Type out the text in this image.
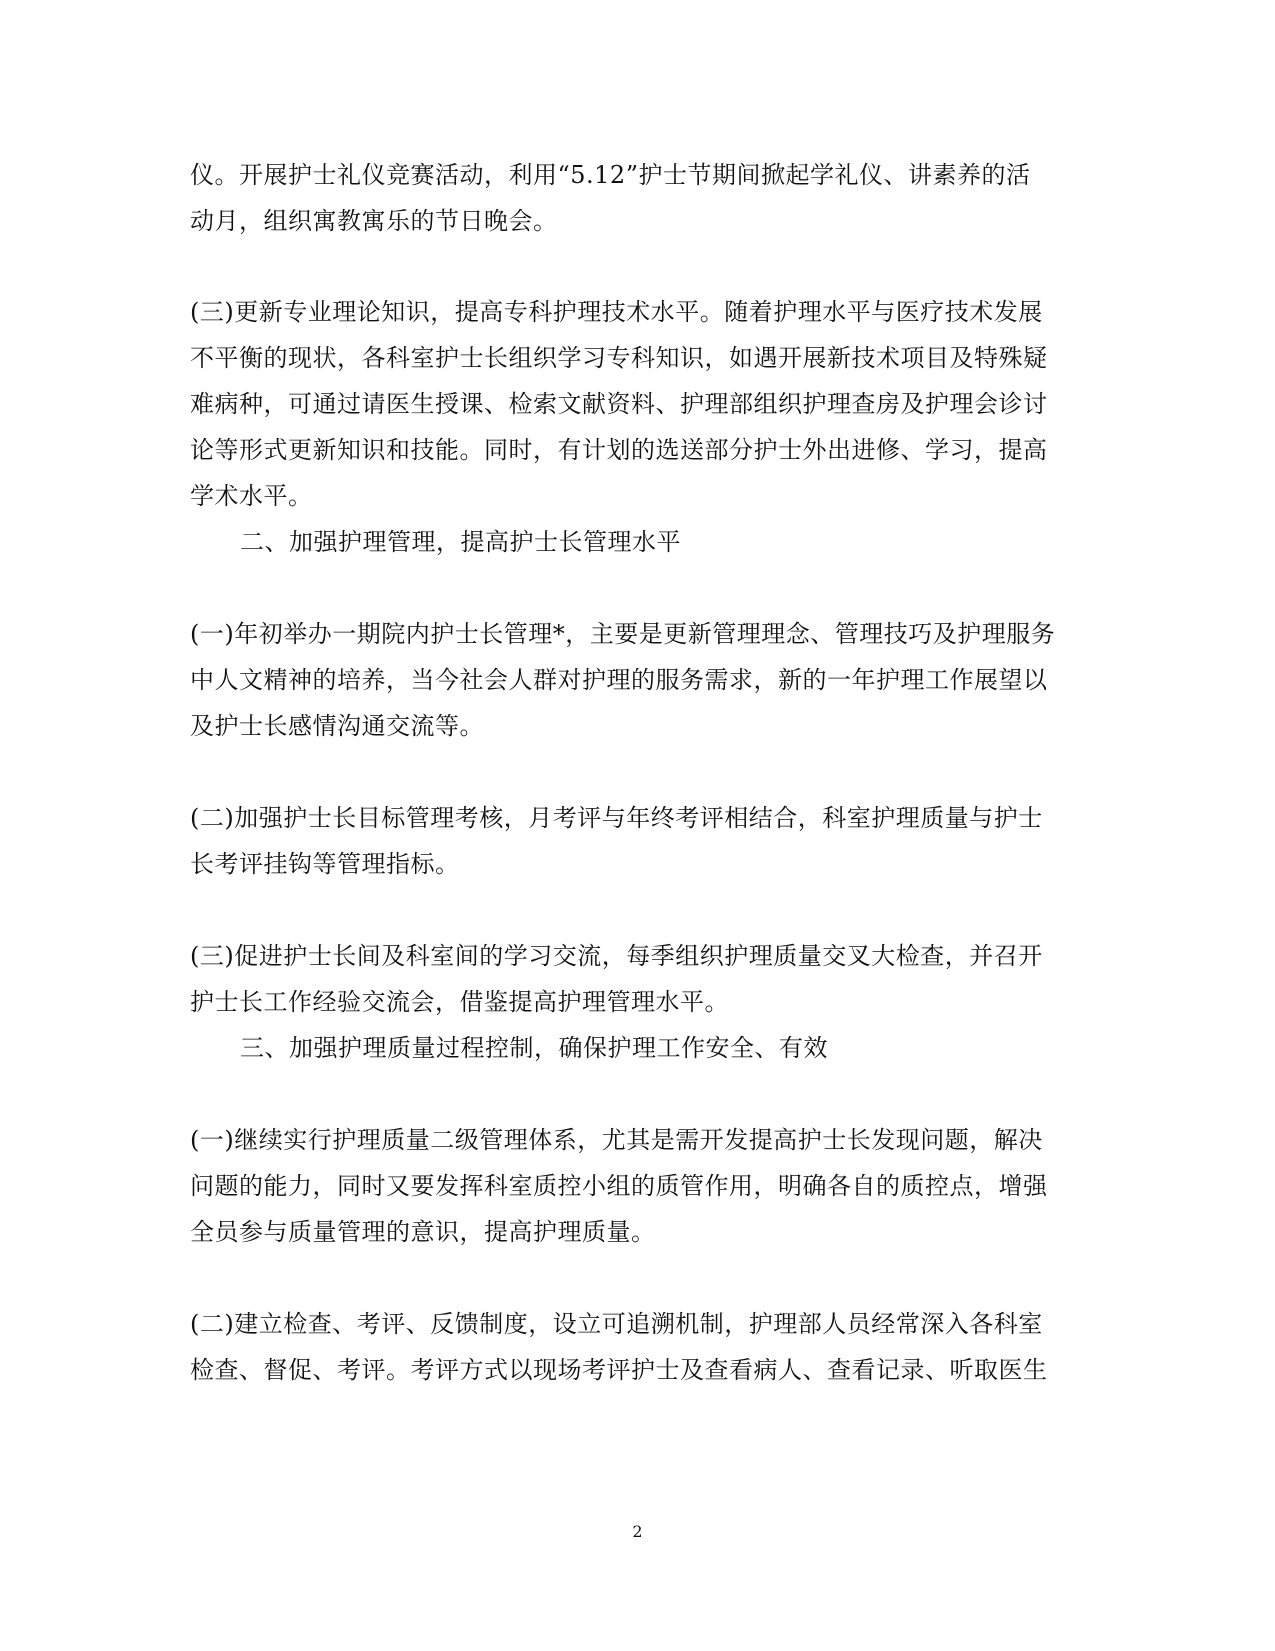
仪。开展护士礼仪竞赛活动，利用“5.12”护士节期间掀起学礼仪、讲素养的活
动月，组织寓教寓乐的节日晚会。
(三)更新专业理论知识，提高专科护理技术水平。随着护理水平与医疗技术发展
不平衡的现状，各科室护士长组织学习专科知识，如遇开展新技术项目及特殊疑
难病种，可通过请医生授课、检索文献资料、护理部组织护理查房及护理会诊讨
论等形式更新知识和技能。同时，有计划的选送部分护士外出进修、学习，提高
学术水平。
二、加强护理管理，提高护士长管理水平
(一)年初举办一期院内护士长管理*，主要是更新管理理念、管理技巧及护理服务
中人文精神的培养，当今社会人群对护理的服务需求，新的一年护理工作展望以
及护士长感情沟通交流等。
(二)加强护士长目标管理考核，月考评与年终考评相结合，科室护理质量与护士
长考评挂钩等管理指标。
(三)促进护士长间及科室间的学习交流，每季组织护理质量交叉大检查，并召开
护士长工作经验交流会，借鉴提高护理管理水平。
三、加强护理质量过程控制，确保护理工作安全、有效
(一)继续实行护理质量二级管理体系，尤其是需开发提高护士长发现问题，解决
问题的能力，同时又要发挥科室质控小组的质管作用，明确各自的质控点，增强
全员参与质量管理的意识，提高护理质量。
(二)建立检查、考评、反馈制度，设立可追溯机制，护理部人员经常深入各科室
检查、督促、考评。考评方式以现场考评护士及查看病人、查看记录、听取医生
2
